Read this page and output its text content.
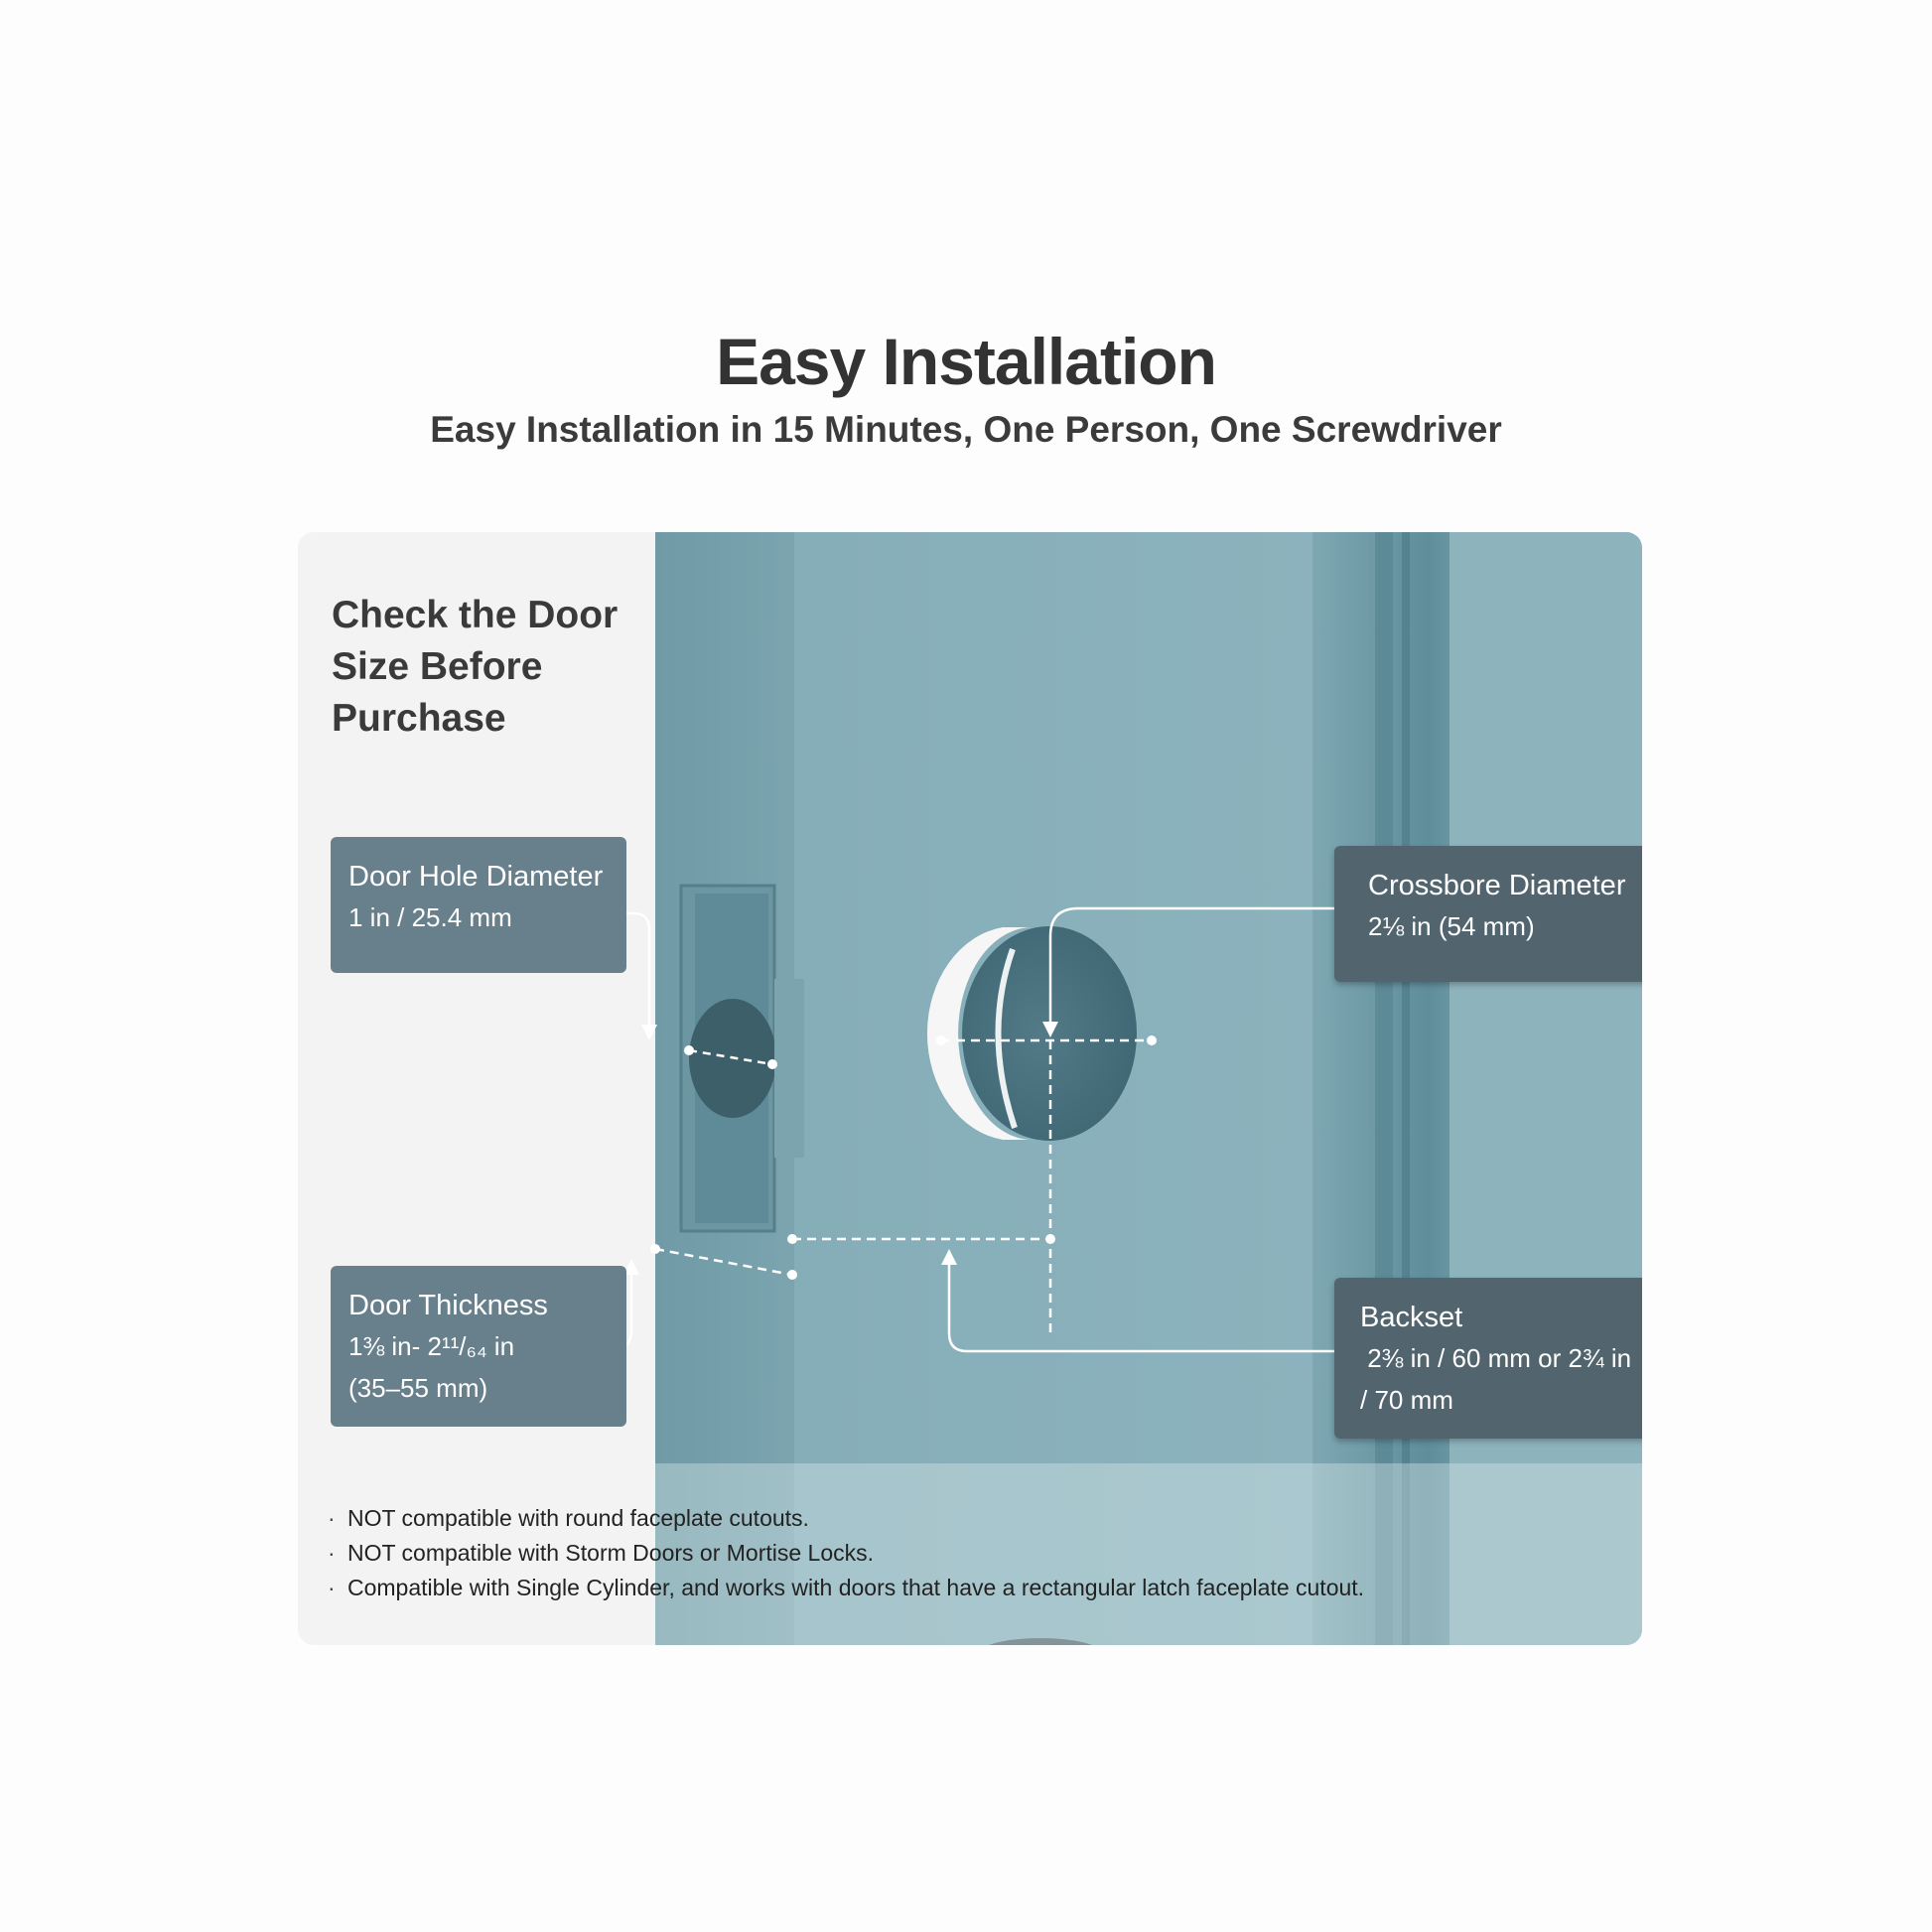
Easy Installation
Easy Installation in 15 Minutes, One Person, One Screwdriver
Check the Door
Size Before
Purchase
Door Hole Diameter
1 in / 25.4 mm
Crossbore Diameter
2⅛ in (54 mm)
Door Thickness
1⅜ in- 2¹¹/₆₄ in
(35–55 mm)
Backset
2⅜ in / 60 mm or 2¾ in
/ 70 mm
· NOT compatible with round faceplate cutouts.
· NOT compatible with Storm Doors or Mortise Locks.
· Compatible with Single Cylinder, and works with doors that have a rectangular latch faceplate cutout.
